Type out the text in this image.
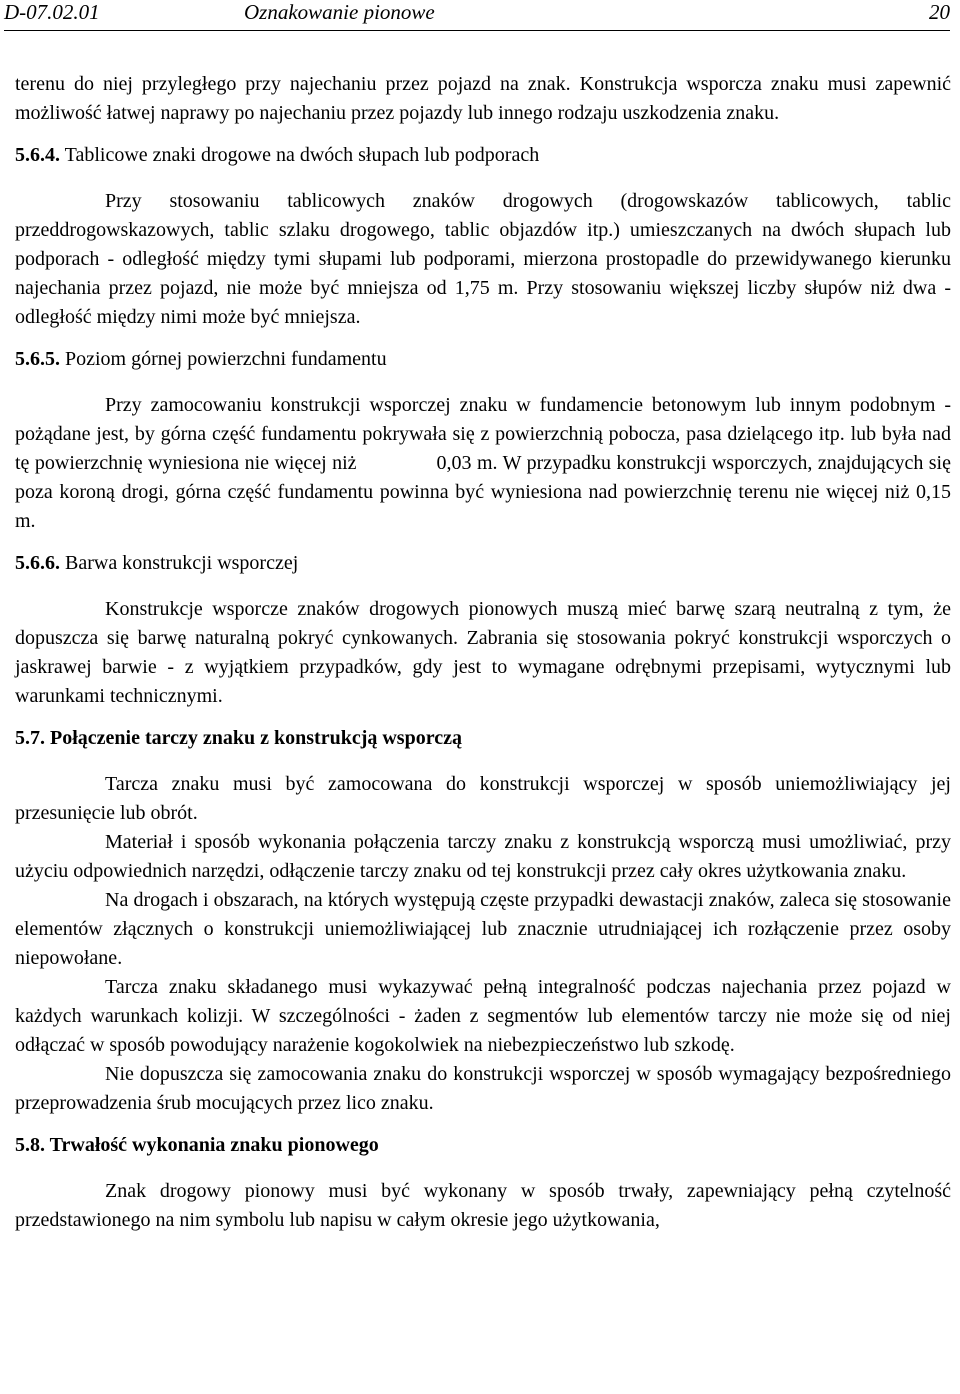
D-07.02.01	Oznakowanie pionowe	20

terenu do niej przyległego przy najechaniu przez pojazd na znak. Konstrukcja wsporcza znaku musi zapewnić możliwość łatwej naprawy po najechaniu przez pojazdy lub innego rodzaju uszkodzenia znaku.

5.6.4. Tablicowe znaki drogowe na dwóch słupach lub podporach

Przy stosowaniu tablicowych znaków drogowych (drogowskazów tablicowych, tablic przeddrogowskazowych, tablic szlaku drogowego, tablic objazdów itp.) umieszczanych na dwóch słupach lub podporach - odległość między tymi słupami lub podporami, mierzona prostopadle do przewidywanego kierunku najechania przez pojazd, nie może być mniejsza od 1,75 m. Przy stosowaniu większej liczby słupów niż dwa - odległość między nimi może być mniejsza.

5.6.5. Poziom górnej powierzchni fundamentu

Przy zamocowaniu konstrukcji wsporczej znaku w fundamencie betonowym lub innym podobnym - pożądane jest, by górna część fundamentu pokrywała się z powierzchnią pobocza, pasa dzielącego itp. lub była nad tę powierzchnię wyniesiona nie więcej niż	0,03 m. W przypadku konstrukcji wsporczych, znajdujących się poza koroną drogi, górna część fundamentu powinna być wyniesiona nad powierzchnię terenu nie więcej niż 0,15 m.

5.6.6. Barwa konstrukcji wsporczej

Konstrukcje wsporcze znaków drogowych pionowych muszą mieć barwę szarą neutralną z tym, że dopuszcza się barwę naturalną pokryć cynkowanych. Zabrania się stosowania pokryć konstrukcji wsporczych o jaskrawej barwie - z wyjątkiem przypadków, gdy jest to wymagane odrębnymi przepisami, wytycznymi lub warunkami technicznymi.

5.7. Połączenie tarczy znaku z konstrukcją wsporczą

Tarcza znaku musi być zamocowana do konstrukcji wsporczej w sposób uniemożliwiający jej przesunięcie lub obrót.

Materiał i sposób wykonania połączenia tarczy znaku z konstrukcją wsporczą musi umożliwiać, przy użyciu odpowiednich narzędzi, odłączenie tarczy znaku od tej konstrukcji przez cały okres użytkowania znaku.

Na drogach i obszarach, na których występują częste przypadki dewastacji znaków, zaleca się stosowanie elementów złącznych o konstrukcji uniemożliwiającej lub znacznie utrudniającej ich rozłączenie przez osoby niepowołane.

Tarcza znaku składanego musi wykazywać pełną integralność podczas najechania przez pojazd w każdych warunkach kolizji. W szczególności - żaden z segmentów lub elementów tarczy nie może się od niej odłączać w sposób powodujący narażenie kogokolwiek na niebezpieczeństwo lub szkodę.

Nie dopuszcza się zamocowania znaku do konstrukcji wsporczej w sposób wymagający bezpośredniego przeprowadzenia śrub mocujących przez lico znaku.

5.8. Trwałość wykonania znaku pionowego

Znak drogowy pionowy musi być wykonany w sposób trwały, zapewniający pełną czytelność przedstawionego na nim symbolu lub napisu w całym okresie jego użytkowania,
